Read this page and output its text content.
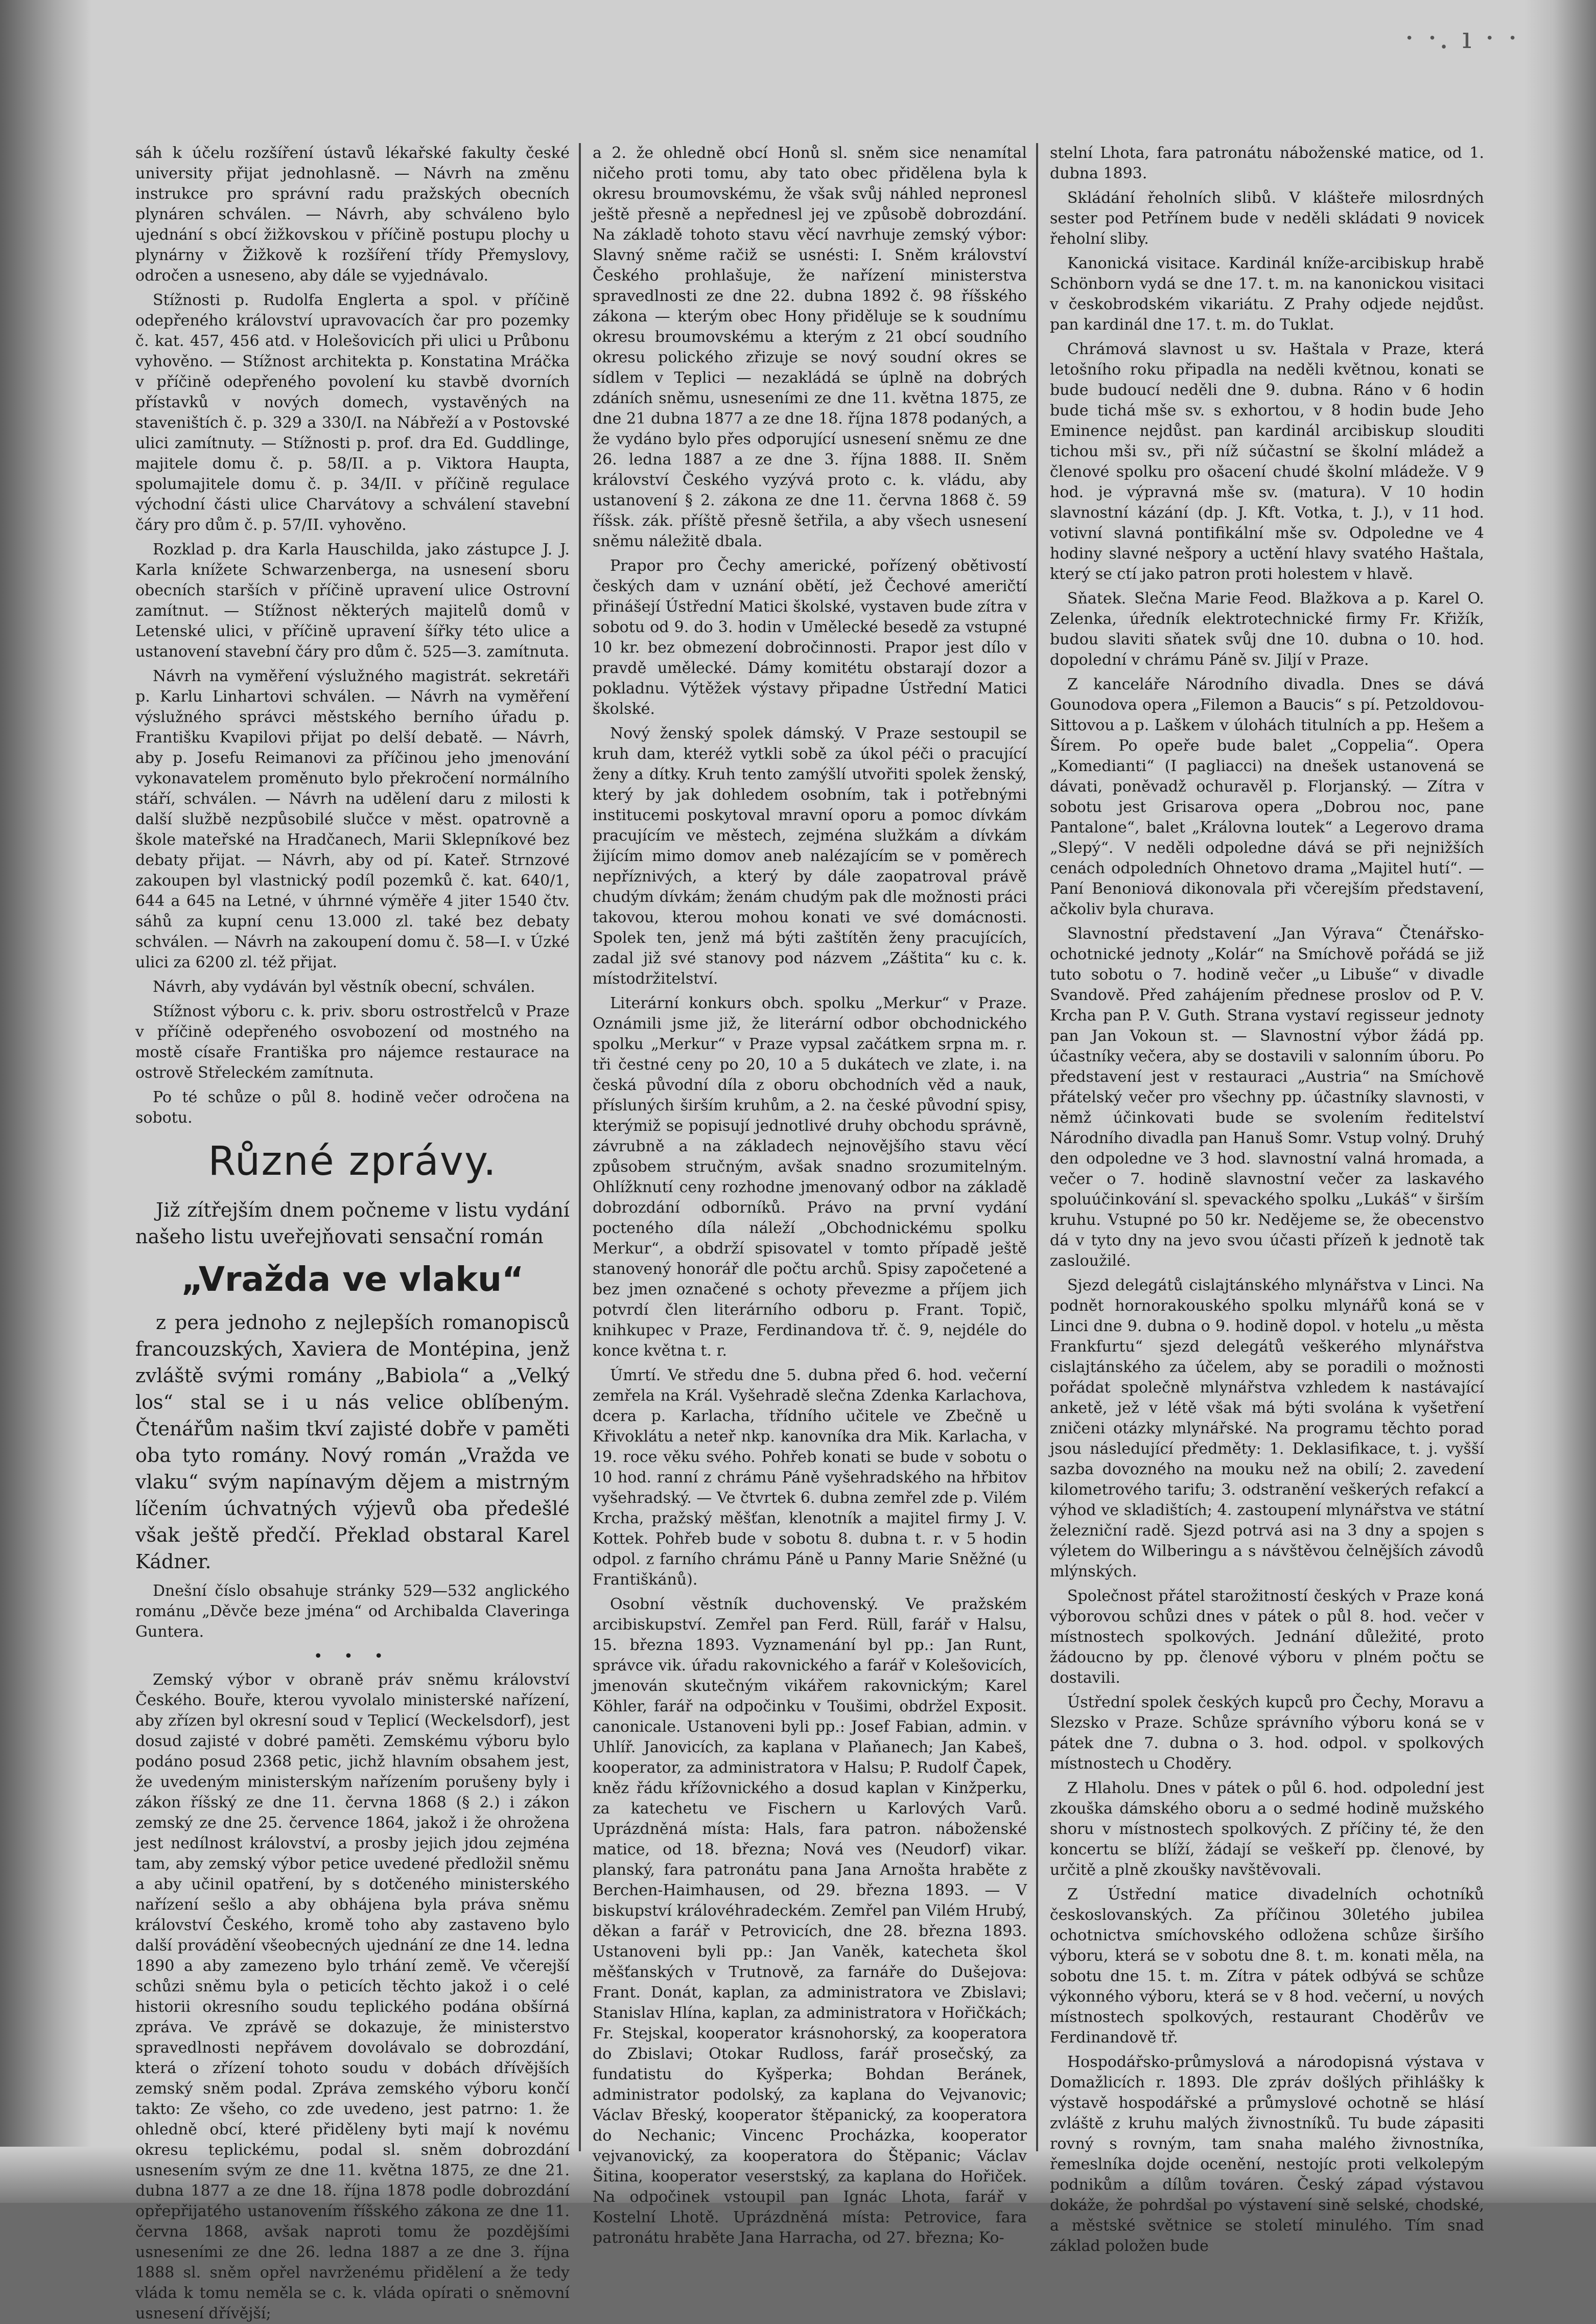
· ·. ı · ·

sáh k účelu rozšíření ústavů lékařské fakulty české university přijat jednohlasně. — Návrh na změnu instrukce pro správní radu pražských obecních plynáren schválen. — Návrh, aby schváleno bylo ujednání s obcí žižkovskou v příčině postupu plochy u plynárny v Žižkově k rozšíření třídy Přemyslovy, odročen a usneseno, aby dále se vyjednávalo.

Stížnosti p. Rudolfa Englerta a spol. v příčině odepřeného království upravovacích čar pro pozemky č. kat. 457, 456 atd. v Holešovicích při ulici u Průbonu vyhověno. — Stížnost architekta p. Konstatina Mráčka v příčině odepřeného povolení ku stavbě dvorních přístavků v nových domech, vystavěných na staveništích č. p. 329 a 330/I. na Nábřeží a v Postovské ulici zamítnuty. — Stížnosti p. prof. dra Ed. Guddlinge, majitele domu č. p. 58/II. a p. Viktora Haupta, spolumajitele domu č. p. 34/II. v příčině regulace východní části ulice Charvátovy a schválení stavební čáry pro dům č. p. 57/II. vyhověno.

Rozklad p. dra Karla Hauschilda, jako zástupce J. J. Karla knížete Schwarzenberga, na usnesení sboru obecních starších v příčině upravení ulice Ostrovní zamítnut. — Stížnost některých majitelů domů v Letenské ulici, v příčině upravení šířky této ulice a ustanovení stavební čáry pro dům č. 525—3. zamítnuta.

Návrh na vyměření výslužného magistrát. sekretáři p. Karlu Linhartovi schválen. — Návrh na vyměření výslužného správci městského berního úřadu p. Františku Kvapilovi přijat po delší debatě. — Návrh, aby p. Josefu Reimanovi za příčinou jeho jmenování vykonavatelem proměnuto bylo překročení normálního stáří, schválen. — Návrh na udělení daru z milosti k další službě nezpůsobilé slučce v měst. opatrovně a škole mateřské na Hradčanech, Marii Sklepníkové bez debaty přijat. — Návrh, aby od pí. Kateř. Strnzové zakoupen byl vlastnický podíl pozemků č. kat. 640/1, 644 a 645 na Letné, v úhrnné výměře 4 jiter 1540 čtv. sáhů za kupní cenu 13.000 zl. také bez debaty schválen. — Návrh na zakoupení domu č. 58—I. v Úzké ulici za 6200 zl. též přijat.

Návrh, aby vydáván byl věstník obecní, schválen.

Stížnost výboru c. k. priv. sboru ostrostřelců v Praze v příčině odepřeného osvobození od mostného na mostě císaře Františka pro nájemce restaurace na ostrově Střeleckém zamítnuta.

Po té schůze o půl 8. hodině večer odročena na sobotu.

Různé zprávy.

Již zítřejším dnem počneme v listu vydání našeho listu uveřejňovati sensační román

„Vražda ve vlaku“

z pera jednoho z nejlepších romanopisců francouzských, Xaviera de Montépina, jenž zvláště svými romány „Babiola“ a „Velký los“ stal se i u nás velice oblíbeným. Čtenářům našim tkví zajisté dobře v paměti oba tyto romány. Nový román „Vražda ve vlaku“ svým napínavým dějem a mistrným líčením úchvatných výjevů oba předešlé však ještě předčí. Překlad obstaral Karel Kádner.

Dnešní číslo obsahuje stránky 529—532 anglického románu „Děvče beze jména“ od Archibalda Claveringa Guntera.

• • •

Zemský výbor v obraně práv sněmu království Českého. Bouře, kterou vyvolalo ministerské nařízení, aby zřízen byl okresní soud v Teplicí (Weckelsdorf), jest dosud zajisté v dobré paměti. Zemskému výboru bylo podáno posud 2368 petic, jichž hlavním obsahem jest, že uvedeným ministerským nařízením porušeny byly i zákon říšský ze dne 11. června 1868 (§ 2.) i zákon zemský ze dne 25. července 1864, jakož i že ohrožena jest nedílnost království, a prosby jejich jdou zejména tam, aby zemský výbor petice uvedené předložil sněmu a aby učinil opatření, by s dotčeného ministerského nařízení sešlo a aby obhájena byla práva sněmu království Českého, kromě toho aby zastaveno bylo další provádění všeobecných ujednání ze dne 14. ledna 1890 a aby zamezeno bylo trhání země. Ve včerejší schůzi sněmu byla o peticích těchto jakož i o celé historii okresního soudu teplického podána obšírná zpráva. Ve zprávě se dokazuje, že ministerstvo spravedlnosti nepřávem dovolávalo se dobrozdání, která o zřízení tohoto soudu v dobách dřívějších zemský sněm podal. Zpráva zemského výboru končí takto: Ze všeho, co zde uvedeno, jest patrno: 1. že ohledně obcí, které přiděleny byti mají k novému okresu teplickému, podal sl. sněm dobrozdání usnesením svým ze dne 11. května 1875, ze dne 21. dubna 1877 a ze dne 18. října 1878 podle dobrozdání opřepřijatého ustanovením říšského zákona ze dne 11. června 1868, avšak naproti tomu že pozdějšími usneseními ze dne 26. ledna 1887 a ze dne 3. října 1888 sl. sněm opřel navrženému přidělení a že tedy vláda k tomu neměla se c. k. vláda opírati o sněmovní usnesení dřívější;

a 2. že ohledně obcí Honů sl. sněm sice nenamítal ničeho proti tomu, aby tato obec přidělena byla k okresu broumovskému, že však svůj náhled nepronesl ještě přesně a nepřednesl jej ve způsobě dobrozdání. Na základě tohoto stavu věcí navrhuje zemský výbor: Slavný sněme račiž se usnésti: I. Sněm království Českého prohlašuje, že nařízení ministerstva spravedlnosti ze dne 22. dubna 1892 č. 98 říšského zákona — kterým obec Hony přiděluje se k soudnímu okresu broumovskému a kterým z 21 obcí soudního okresu polického zřizuje se nový soudní okres se sídlem v Teplici — nezakládá se úplně na dobrých zdáních sněmu, usneseními ze dne 11. května 1875, ze dne 21 dubna 1877 a ze dne 18. října 1878 podaných, a že vydáno bylo přes odporující usnesení sněmu ze dne 26. ledna 1887 a ze dne 3. října 1888. II. Sněm království Českého vyzývá proto c. k. vládu, aby ustanovení § 2. zákona ze dne 11. června 1868 č. 59 říšsk. zák. příště přesně šetřila, a aby všech usnesení sněmu náležitě dbala.

Prapor pro Čechy americké, pořízený obětivostí českých dam v uznání obětí, jež Čechové američtí přinášejí Ústřední Matici školské, vystaven bude zítra v sobotu od 9. do 3. hodin v Umělecké besedě za vstupné 10 kr. bez obmezení dobročinnosti. Prapor jest dílo v pravdě umělecké. Dámy komitétu obstarají dozor a pokladnu. Výtěžek výstavy připadne Ústřední Matici školské.

Nový ženský spolek dámský. V Praze sestoupil se kruh dam, kteréž vytkli sobě za úkol péči o pracující ženy a dítky. Kruh tento zamýšlí utvořiti spolek ženský, který by jak dohledem osobním, tak i potřebnými institucemi poskytoval mravní oporu a pomoc dívkám pracujícím ve městech, zejména služkám a dívkám žijícím mimo domov aneb nalézajícím se v poměrech nepříznivých, a který by dále zaopatroval právě chudým dívkám; ženám chudým pak dle možnosti práci takovou, kterou mohou konati ve své domácnosti. Spolek ten, jenž má býti zaštítěn ženy pracujících, zadal již své stanovy pod názvem „Záštita“ ku c. k. místodržitelství.

Literární konkurs obch. spolku „Merkur“ v Praze. Oznámili jsme již, že literární odbor obchodnického spolku „Merkur“ v Praze vypsal začátkem srpna m. r. tři čestné ceny po 20, 10 a 5 dukátech ve zlate, i. na česká původní díla z oboru obchodních věd a nauk, přísluných širším kruhům, a 2. na české původní spisy, kterýmiž se popisují jednotlivé druhy obchodu správně, závrubně a na základech nejnovějšího stavu věcí způsobem stručným, avšak snadno srozumitelným. Ohlížknutí ceny rozhodne jmenovaný odbor na základě dobrozdání odborníků. Právo na první vydání pocteného díla náleží „Obchodnickému spolku Merkur“, a obdrží spisovatel v tomto případě ještě stanovený honorář dle počtu archů. Spisy započetené a bez jmen označené s ochoty převezme a příjem jich potvrdí člen literárního odboru p. Frant. Topič, knihkupec v Praze, Ferdinandova tř. č. 9, nejdéle do konce května t. r.

Úmrtí. Ve středu dne 5. dubna před 6. hod. večerní zemřela na Král. Vyšehradě slečna Zdenka Karlachova, dcera p. Karlacha, třídního učitele ve Zbečně u Křivoklátu a neteř nkp. kanovníka dra Mik. Karlacha, v 19. roce věku svého. Pohřeb konati se bude v sobotu o 10 hod. ranní z chrámu Páně vyšehradského na hřbitov vyšehradský. — Ve čtvrtek 6. dubna zemřel zde p. Vilém Krcha, pražský měšťan, klenotník a majitel firmy J. V. Kottek. Pohřeb bude v sobotu 8. dubna t. r. v 5 hodin odpol. z farního chrámu Páně u Panny Marie Sněžné (u Františkánů).

Osobní věstník duchovenský. Ve pražském arcibiskupství. Zemřel pan Ferd. Rüll, farář v Halsu, 15. března 1893. Vyznamenání byl pp.: Jan Runt, správce vik. úřadu rakovnického a farář v Kolešovicích, jmenován skutečným vikářem rakovnickým; Karel Köhler, farář na odpočinku v Toušimi, obdržel Exposit. canonicale. Ustanoveni byli pp.: Josef Fabian, admin. v Uhlíř. Janovicích, za kaplana v Plaňanech; Jan Kabeš, kooperator, za administratora v Halsu; P. Rudolf Čapek, kněz řádu křížovnického a dosud kaplan v Kinžperku, za katechetu ve Fischern u Karlových Varů. Uprázdněná místa: Hals, fara patron. náboženské matice, od 18. března; Nová ves (Neudorf) vikar. planský, fara patronátu pana Jana Arnošta hraběte z Berchen-Haimhausen, od 29. března 1893. — V biskupství královéhradeckém. Zemřel pan Vilém Hrubý, děkan a farář v Petrovicích, dne 28. března 1893. Ustanoveni byli pp.: Jan Vaněk, katecheta škol měšťanských v Trutnově, za farnáře do Dušejova: Frant. Donát, kaplan, za administratora ve Zbislavi; Stanislav Hlína, kaplan, za administratora v Hořičkách; Fr. Stejskal, kooperator krásnohorský, za kooperatora do Zbislavi; Otokar Rudloss, farář prosečský, za fundatistu do Kyšperka; Bohdan Beránek, administrator podolský, za kaplana do Vejvanovic; Václav Břeský, kooperator štěpanický, za kooperatora do Nechanic; Vincenc Procházka, kooperator vejvanovický, za kooperatora do Štěpanic; Václav Šitina, kooperator veserstský, za kaplana do Hořiček. Na odpočinek vstoupil pan Ignác Lhota, farář v Kostelní Lhotě. Uprázdněná místa: Petrovice, fara patronátu hraběte Jana Harracha, od 27. března; Ko-

stelní Lhota, fara patronátu náboženské matice, od 1. dubna 1893.

Skládání řeholních slibů. V klášteře milosrdných sester pod Petřínem bude v neděli skládati 9 novicek řeholní sliby.

Kanonická visitace. Kardinál kníže-arcibiskup hrabě Schönborn vydá se dne 17. t. m. na kanonickou visitaci v českobrodském vikariátu. Z Prahy odjede nejdůst. pan kardinál dne 17. t. m. do Tuklat.

Chrámová slavnost u sv. Haštala v Praze, která letošního roku připadla na neděli květnou, konati se bude budoucí neděli dne 9. dubna. Ráno v 6 hodin bude tichá mše sv. s exhortou, v 8 hodin bude Jeho Eminence nejdůst. pan kardinál arcibiskup slouditi tichou mši sv., při níž súčastní se školní mládež a členové spolku pro ošacení chudé školní mládeže. V 9 hod. je výpravná mše sv. (matura). V 10 hodin slavnostní kázání (dp. J. Kft. Votka, t. J.), v 11 hod. votivní slavná pontifikální mše sv. Odpoledne ve 4 hodiny slavné nešpory a uctění hlavy svatého Haštala, který se ctí jako patron proti holestem v hlavě.

Sňatek. Slečna Marie Feod. Blažkova a p. Karel O. Zelenka, úředník elektrotechnické firmy Fr. Křižík, budou slaviti sňatek svůj dne 10. dubna o 10. hod. dopolední v chrámu Páně sv. Jiljí v Praze.

Z kanceláře Národního divadla. Dnes se dává Gounodova opera „Filemon a Baucis“ s pí. Petzoldovou-Sittovou a p. Laškem v úlohách titulních a pp. Hešem a Šírem. Po opeře bude balet „Coppelia“. Opera „Komedianti“ (I pagliacci) na dnešek ustanovená se dávati, poněvadž ochuravěl p. Florjanský. — Zítra v sobotu jest Grisarova opera „Dobrou noc, pane Pantalone“, balet „Královna loutek“ a Legerovo drama „Slepý“. V neděli odpoledne dává se při nejnižších cenách odpoledních Ohnetovo drama „Majitel hutí“. — Paní Benoniová dikonovala při včerejším představení, ačkoliv byla churava.

Slavnostní představení „Jan Výrava“ Čtenářsko-ochotnické jednoty „Kolár“ na Smíchově pořádá se již tuto sobotu o 7. hodině večer „u Libuše“ v divadle Svandově. Před zahájením přednese proslov od P. V. Krcha pan P. V. Guth. Strana vystaví regisseur jednoty pan Jan Vokoun st. — Slavnostní výbor žádá pp. účastníky večera, aby se dostavili v salonním úboru. Po představení jest v restauraci „Austria“ na Smíchově přátelský večer pro všechny pp. účastníky slavnosti, v němž účinkovati bude se svolením ředitelství Národního divadla pan Hanuš Somr. Vstup volný. Druhý den odpoledne ve 3 hod. slavnostní valná hromada, a večer o 7. hodině slavnostní večer za laskavého spoluúčinkování sl. spevackého spolku „Lukáš“ v širším kruhu. Vstupné po 50 kr. Nedějeme se, že obecenstvo dá v tyto dny na jevo svou účasti přízeň k jednotě tak zasloužilé.

Sjezd delegátů cislajtánského mlynářstva v Linci. Na podnět hornorakouského spolku mlynářů koná se v Linci dne 9. dubna o 9. hodině dopol. v hotelu „u města Frankfurtu“ sjezd delegátů veškerého mlynářstva cislajtánského za účelem, aby se poradili o možnosti pořádat společně mlynářstva vzhledem k nastávající anketě, jež v létě však má býti svolána k vyšetření zničeni otázky mlynářské. Na programu těchto porad jsou následující předměty: 1. Deklasifikace, t. j. vyšší sazba dovozného na mouku než na obilí; 2. zavedení kilometrového tarifu; 3. odstranění veškerých refakcí a výhod ve skladištích; 4. zastoupení mlynářstva ve státní železniční radě. Sjezd potrvá asi na 3 dny a spojen s výletem do Wilberingu a s návštěvou čelnějších závodů mlýnských.

Společnost přátel starožitností českých v Praze koná výborovou schůzi dnes v pátek o půl 8. hod. večer v místnostech spolkových. Jednání důležité, proto žádoucno by pp. členové výboru v plném počtu se dostavili.

Ústřední spolek českých kupců pro Čechy, Moravu a Slezsko v Praze. Schůze správního výboru koná se v pátek dne 7. dubna o 3. hod. odpol. v spolkových místnostech u Choděry.

Z Hlaholu. Dnes v pátek o půl 6. hod. odpolední jest zkouška dámského oboru a o sedmé hodině mužského shoru v místnostech spolkových. Z příčiny té, že den koncertu se blíží, žádají se veškeří pp. členové, by určitě a plně zkoušky navštěvovali.

Z Ústřední matice divadelních ochotníků českoslovanských. Za příčinou 30letého jubilea ochotnictva smíchovského odložena schůze širšího výboru, která se v sobotu dne 8. t. m. konati měla, na sobotu dne 15. t. m. Zítra v pátek odbývá se schůze výkonného výboru, která se v 8 hod. večerní, u nových místnostech spolkových, restaurant Choděrův ve Ferdinandově tř.

Hospodářsko-průmyslová a národopisná výstava v Domažlicích r. 1893. Dle zpráv došlých přihlášky k výstavě hospodářské a průmyslové ochotně se hlásí zvláště z kruhu malých živnostníků. Tu bude zápasiti rovný s rovným, tam snaha malého živnostníka, řemeslníka dojde ocenění, nestojíc proti velkolepým podnikům a dílům továren. Český západ výstavou dokáže, že pohrdšal po výstavení sině selské, chodské, a městské světnice se století minulého. Tím snad základ položen bude
